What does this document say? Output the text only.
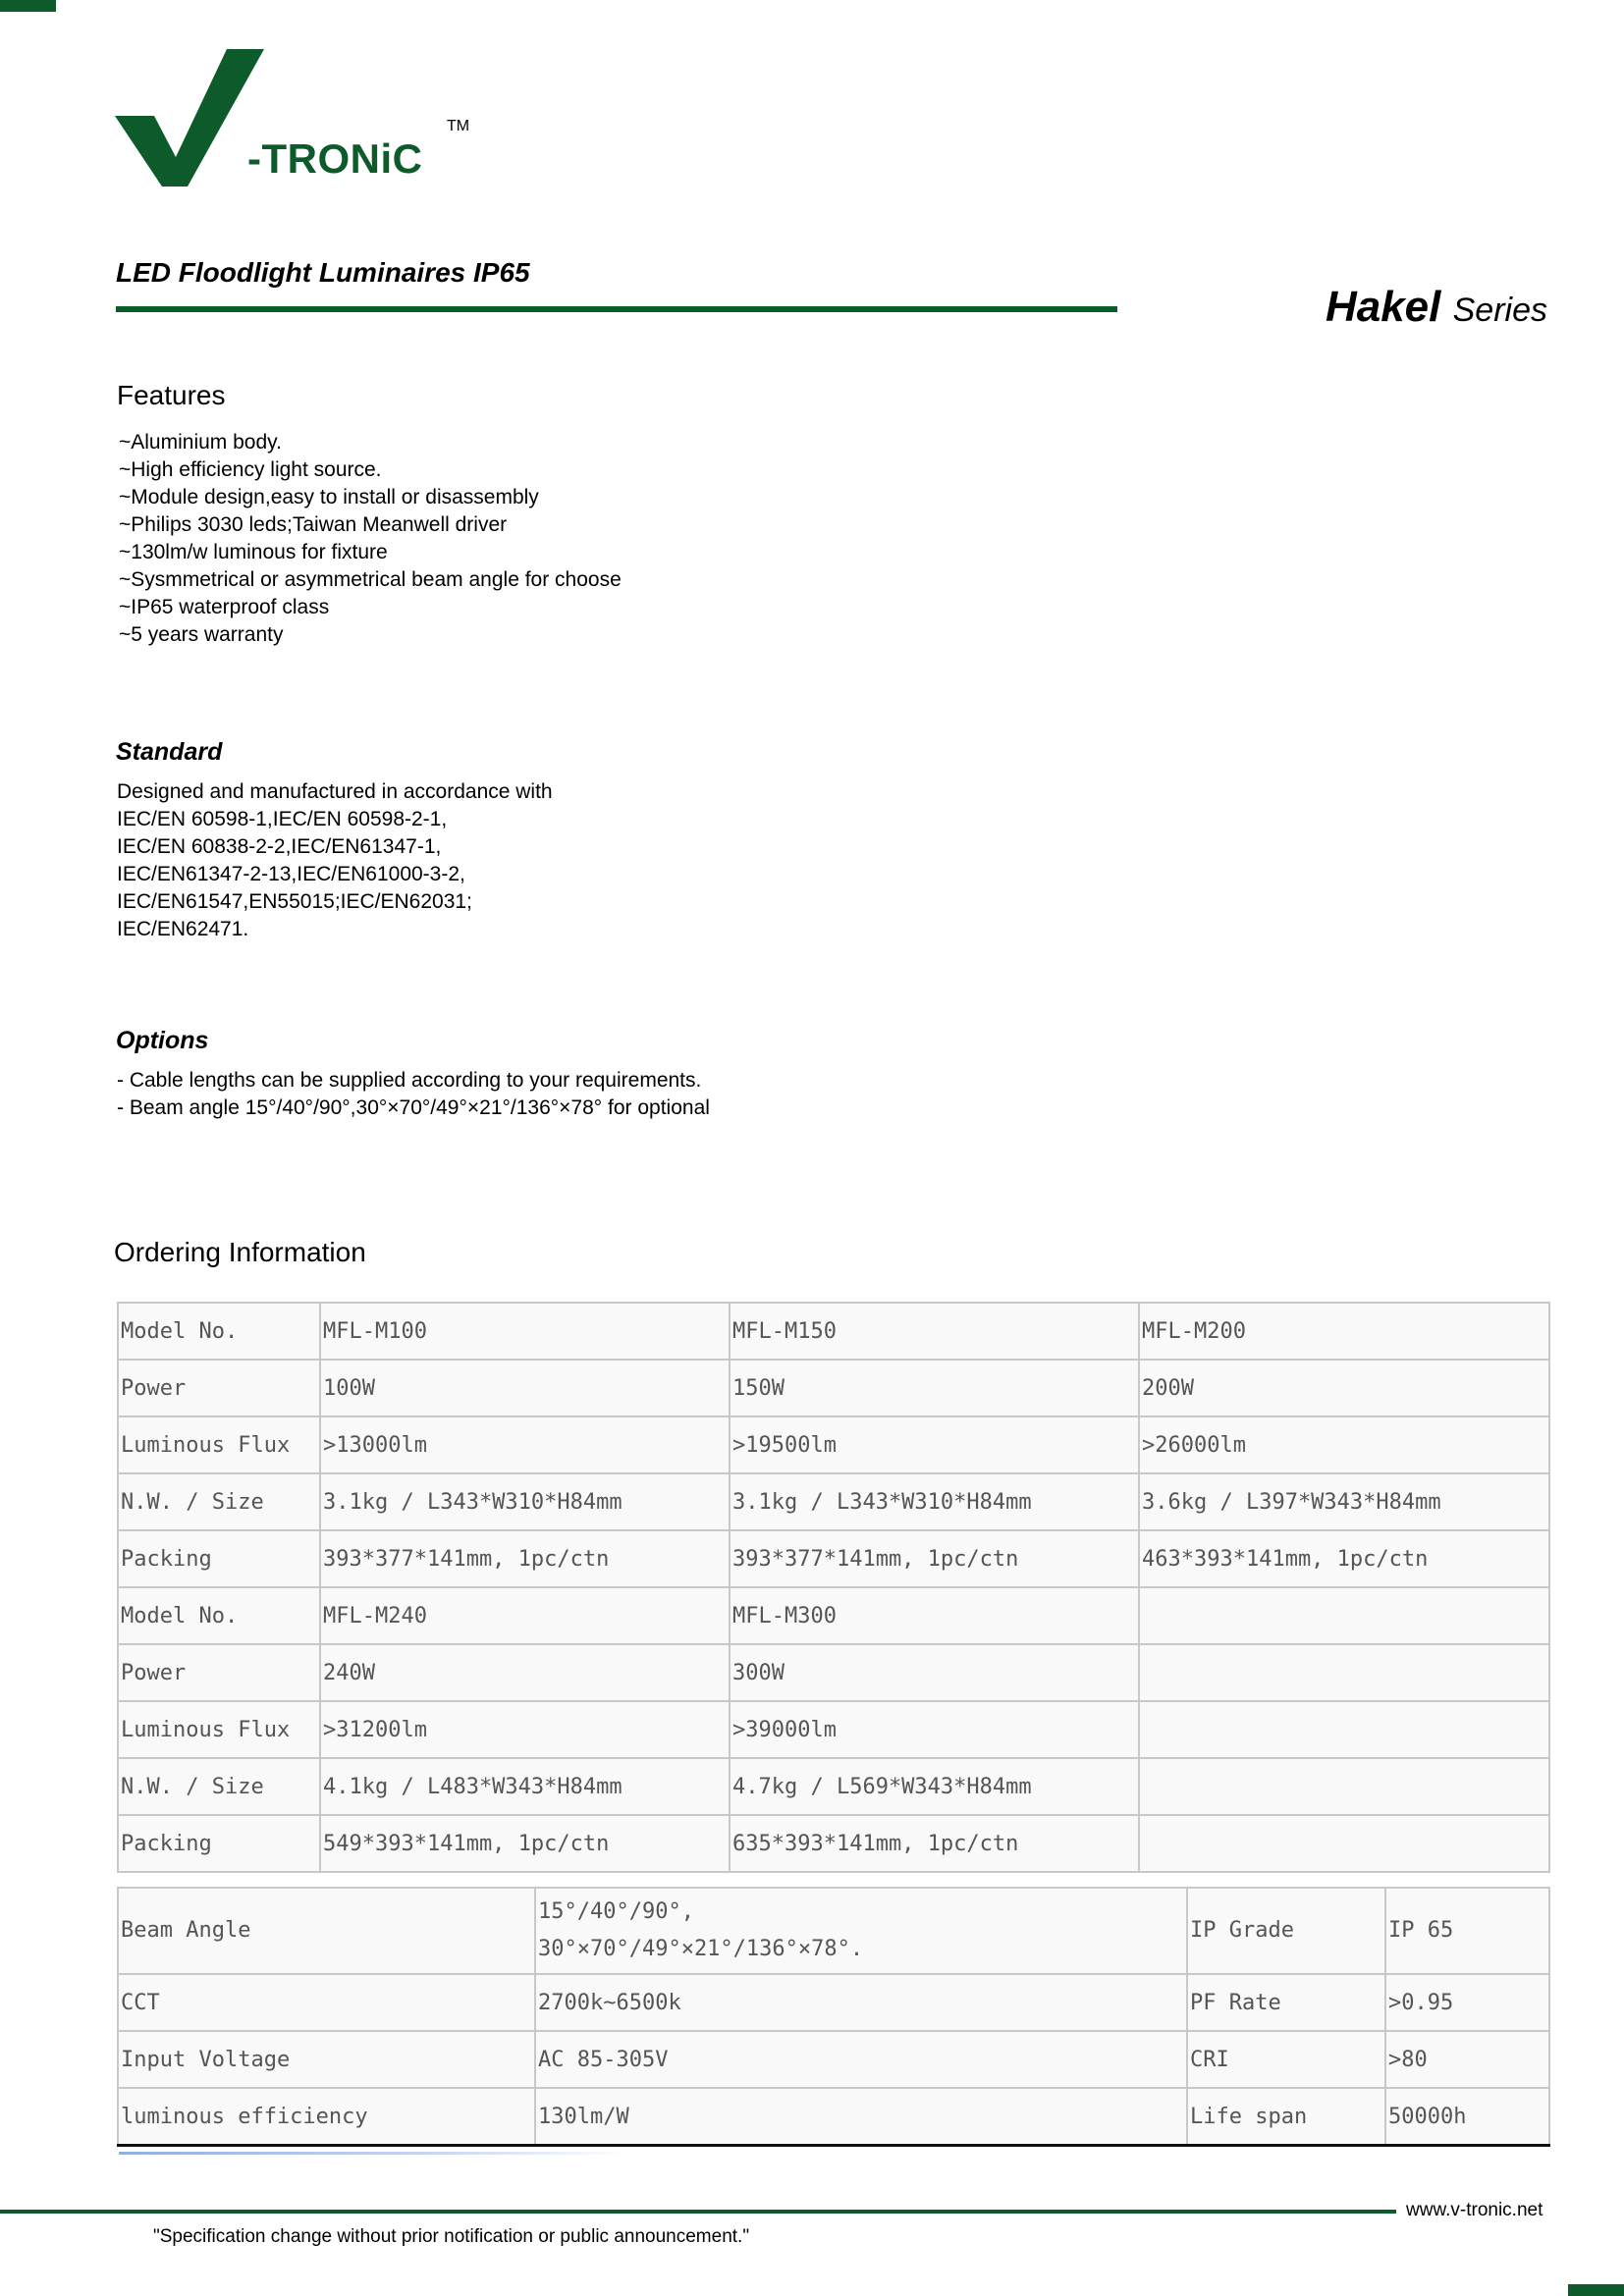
-TRONiC
TM
LED Floodlight Luminaires IP65
Hakel Series
Features
~Aluminium body.
~High efficiency light source.
~Module design,easy to install or disassembly
~Philips 3030 leds;Taiwan Meanwell driver
~130lm/w luminous for fixture
~Sysmmetrical or asymmetrical beam angle for choose
~IP65 waterproof class
~5 years warranty
Standard
Designed and manufactured in accordance with
IEC/EN 60598-1,IEC/EN 60598-2-1,
IEC/EN 60838-2-2,IEC/EN61347-1,
IEC/EN61347-2-13,IEC/EN61000-3-2,
IEC/EN61547,EN55015;IEC/EN62031;
IEC/EN62471.
Options
- Cable lengths can be supplied according to your requirements.
- Beam angle 15°/40°/90°,30°×70°/49°×21°/136°×78° for optional
Ordering Information
Model No.	MFL-M100	MFL-M150	MFL-M200
Power	100W	150W	200W
Luminous Flux	>13000lm	>19500lm	>26000lm
N.W. / Size	3.1kg / L343*W310*H84mm	3.1kg / L343*W310*H84mm	3.6kg / L397*W343*H84mm
Packing	393*377*141mm, 1pc/ctn	393*377*141mm, 1pc/ctn	463*393*141mm, 1pc/ctn
Model No.	MFL-M240	MFL-M300	
Power	240W	300W	
Luminous Flux	>31200lm	>39000lm	
N.W. / Size	4.1kg / L483*W343*H84mm	4.7kg / L569*W343*H84mm	
Packing	549*393*141mm, 1pc/ctn	635*393*141mm, 1pc/ctn	
Beam Angle	15°/40°/90°,
30°×70°/49°×21°/136°×78°.	IP Grade	IP 65
CCT	2700k~6500k	PF Rate	>0.95
Input Voltage	AC 85-305V	CRI	>80
luminous efficiency	130lm/W	Life span	50000h
www.v-tronic.net
"Specification change without prior notification or public announcement."
